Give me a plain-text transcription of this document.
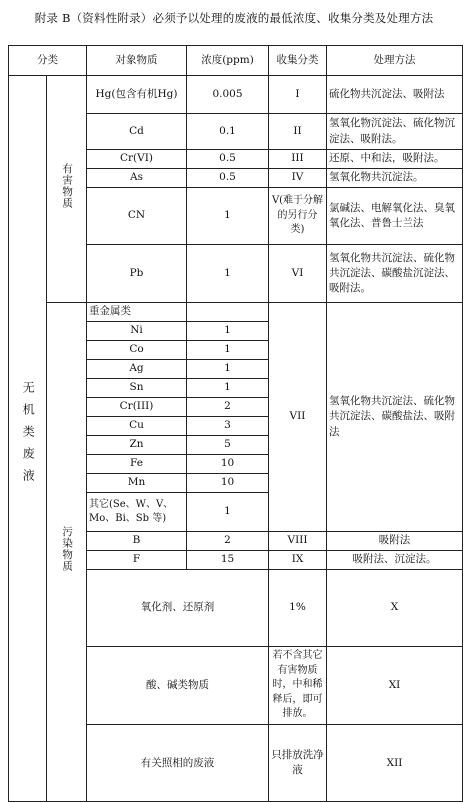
附录 B（资料性附录）必须予以处理的废液的最低浓度、收集分类及处理方法
分类		对象物质	浓度(ppm)	收集分类	处理方法	
无机类废液	有害物质	Hg(包含有机Hg)	0.005	I	硫化物共沉淀法、吸附法	
		Cd	0.1	II	氢氧化物沉淀法、硫化物沉淀法、吸附法。	
		Cr(VI)	0.5	III	还原、中和法，吸附法。	
		As	0.5	IV	氢氧化物共沉淀法。	
		CN	1	V(难于分解的另行分类)	氯碱法、电解氧化法、臭氧氧化法、普鲁士兰法	
		Pb	1	VI	氢氧化物共沉淀法、硫化物共沉淀法、碳酸盐沉淀法、吸附法。	
	污染物质	重金属类		VII	氢氧化物共沉淀法、硫化物共沉淀法、碳酸盐法、吸附法	
		Ni	1			
		Co	1			
		Ag	1			
		Sn	1			
		Cr(III)	2			
		Cu	3			
		Zn	5			
		Fe	10			
		Mn	10			
		其它(Se、W、V、Mo、Bi、Sb 等)	1			
		B	2	VIII	吸附法	
		F	15	IX	吸附法、沉淀法。	
		氧化剂、还原剂		1%	X	
		酸、碱类物质		若不含其它有害物质时，中和稀释后，即可排放。	XI	
		有关照相的废液		只排放洗净液	XII	
